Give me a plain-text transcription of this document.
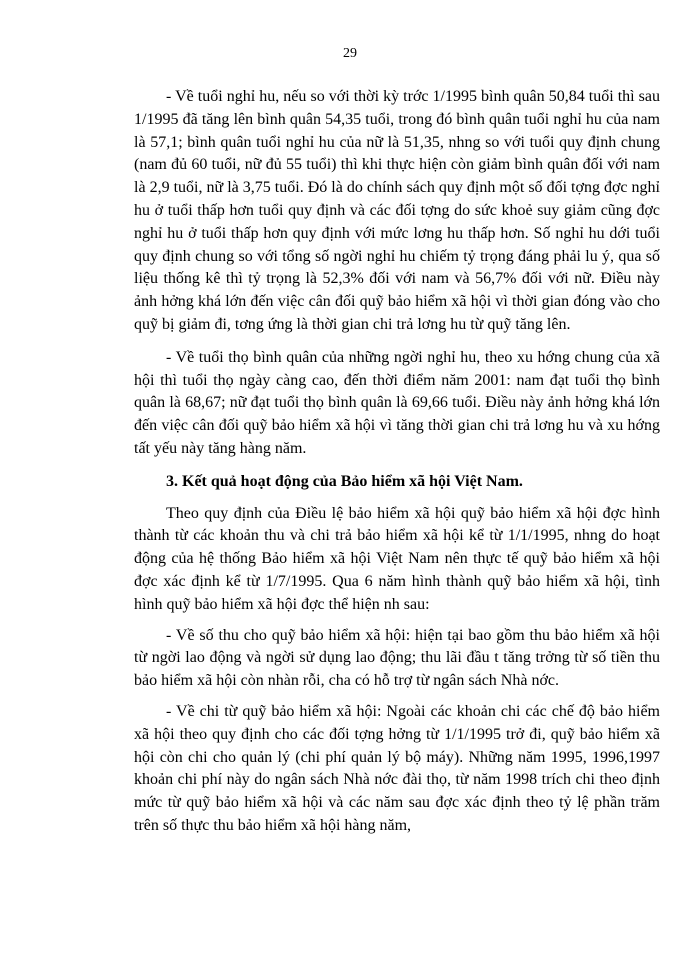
29

- Về tuổi nghỉ hu, nếu so với thời kỳ trớc 1/1995 bình quân 50,84 tuổi thì sau 1/1995 đã tăng lên bình quân 54,35 tuổi, trong đó bình quân tuổi nghỉ hu của nam là 57,1; bình quân tuổi nghỉ hu của nữ là 51,35, nhng so với tuổi quy định chung (nam đủ 60 tuổi, nữ đủ 55 tuổi) thì khi thực hiện còn giảm bình quân đối với nam là 2,9 tuổi, nữ là 3,75 tuổi. Đó là do chính sách quy định một số đối tợng đợc nghỉ hu ở tuổi thấp hơn tuổi quy định và các đối tợng do sức khoẻ suy giảm cũng đợc nghỉ hu ở tuổi thấp hơn quy định với mức lơng hu thấp hơn. Số nghỉ hu dới tuổi quy định chung so với tổng số ngời nghỉ hu chiếm tỷ trọng đáng phải lu ý, qua số liệu thống kê thì tỷ trọng là 52,3% đối với nam và 56,7% đối với nữ. Điều này ảnh hởng khá lớn đến việc cân đối quỹ bảo hiểm xã hội vì thời gian đóng vào cho quỹ bị giảm đi, tơng ứng là thời gian chi trả lơng hu từ quỹ tăng lên.

- Về tuổi thọ bình quân của những ngời nghỉ hu, theo xu hớng chung của xã hội thì tuổi thọ ngày càng cao, đến thời điểm năm 2001: nam đạt tuổi thọ bình quân là 68,67; nữ đạt tuổi thọ bình quân là 69,66 tuổi. Điều này ảnh hởng khá lớn đến việc cân đối quỹ bảo hiểm xã hội vì tăng thời gian chi trả lơng hu và xu hớng tất yếu này tăng hàng năm.

3. Kết quả hoạt động của Bảo hiểm xã hội Việt Nam.

Theo quy định của Điều lệ bảo hiểm xã hội quỹ bảo hiểm xã hội đợc hình thành từ các khoản thu và chi trả bảo hiểm xã hội kể từ 1/1/1995, nhng do hoạt động của hệ thống Bảo hiểm xã hội Việt Nam nên thực tế quỹ bảo hiểm xã hội đợc xác định kể từ 1/7/1995. Qua 6 năm hình thành quỹ bảo hiểm xã hội, tình hình quỹ bảo hiểm xã hội đợc thể hiện nh sau:

- Về số thu cho quỹ bảo hiểm xã hội: hiện tại bao gồm thu bảo hiểm xã hội từ ngời lao động và ngời sử dụng lao động; thu lãi đầu t tăng trởng từ số tiền thu bảo hiểm xã hội còn nhàn rỗi, cha có hỗ trợ từ ngân sách Nhà nớc.

- Về chi từ quỹ bảo hiểm xã hội: Ngoài các khoản chi các chế độ bảo hiểm xã hội theo quy định cho các đối tợng hởng từ 1/1/1995 trở đi, quỹ bảo hiểm xã hội còn chi cho quản lý (chi phí quản lý bộ máy). Những năm 1995, 1996,1997 khoản chi phí này do ngân sách Nhà nớc đài thọ, từ năm 1998 trích chi theo định mức từ quỹ bảo hiểm xã hội và các năm sau đợc xác định theo tỷ lệ phần trăm trên số thực thu bảo hiểm xã hội hàng năm,
